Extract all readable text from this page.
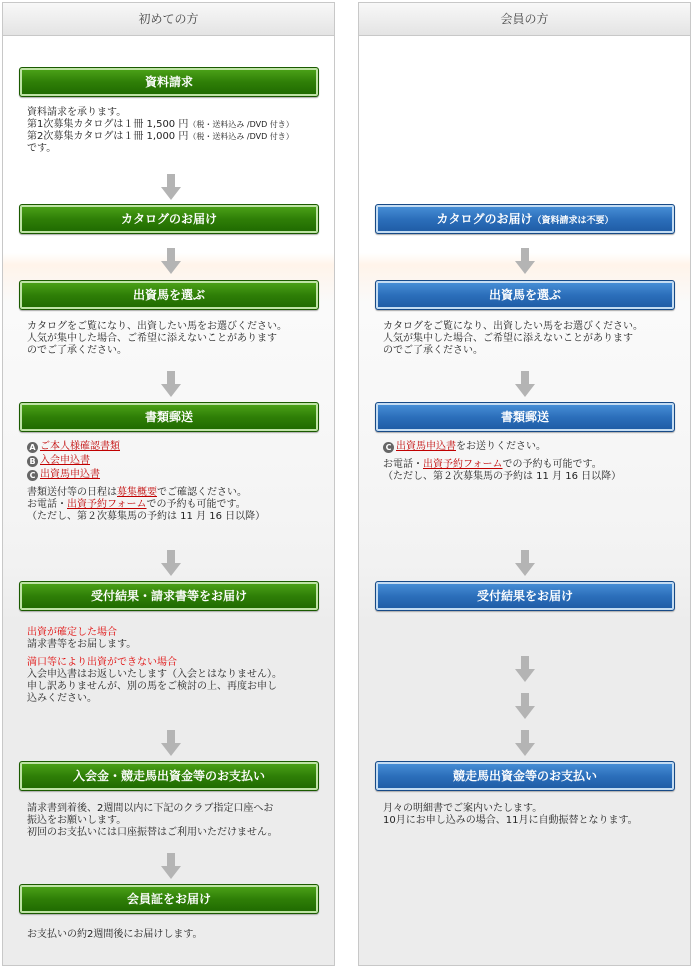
初めての方
資料請求

資料請求を承ります。

第1次募集カタログは１冊 1,500 円（税・送料込み /DVD 付き）

第2次募集カタログは１冊 1,000 円（税・送料込み /DVD 付き）

です。

カタログのお届け
出資馬を選ぶ

カタログをご覧になり、出資したい馬をお選びください。

人気が集中した場合、ご希望に添えないことがあります

のでご了承ください。

書類郵送

A ご本人様確認書類

B 入会申込書

C 出資馬申込書

書類送付等の日程は募集概要でご確認ください。

お電話・出資予約フォームでの予約も可能です。

（ただし、第２次募集馬の予約は 11 月 16 日以降）

受付結果・請求書等をお届け

出資が確定した場合

請求書等をお届します。

満口等により出資ができない場合

入会申込書はお返しいたします（入会とはなりません）。

申し訳ありませんが、別の馬をご検討の上、再度お申し

込みください。

入会金・競走馬出資金等のお支払い

請求書到着後、2週間以内に下記のクラブ指定口座へお

振込をお願いします。

初回のお支払いには口座振替はご利用いただけません。

会員証をお届け

お支払いの約2週間後にお届けします。

会員の方
カタログのお届け（資料請求は不要）
出資馬を選ぶ

カタログをご覧になり、出資したい馬をお選びください。

人気が集中した場合、ご希望に添えないことがあります

のでご了承ください。

書類郵送

C 出資馬申込書をお送りください。

お電話・出資予約フォームでの予約も可能です。

（ただし、第２次募集馬の予約は 11 月 16 日以降）

受付結果をお届け
競走馬出資金等のお支払い

月々の明細書でご案内いたします。

10月にお申し込みの場合、11月に自動振替となります。
